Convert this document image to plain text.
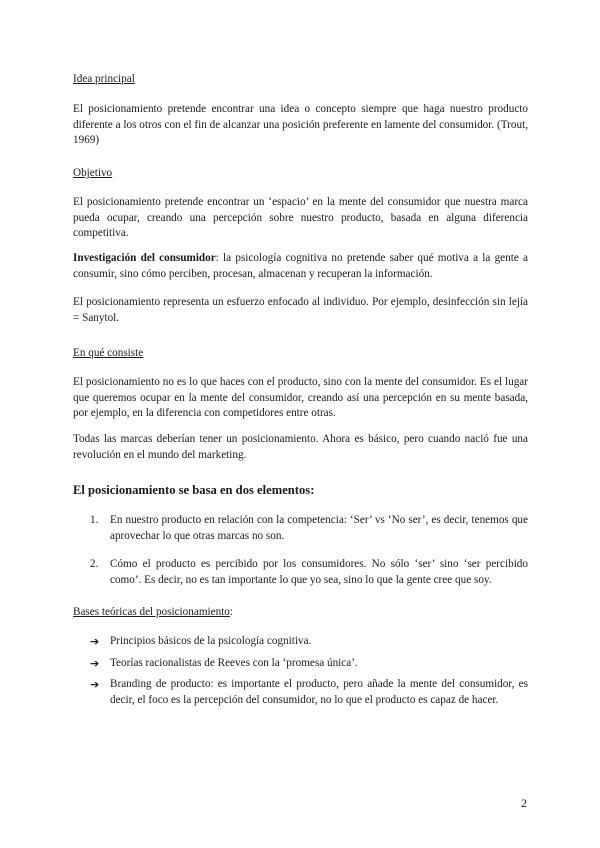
Idea principal

El posicionamiento pretende encontrar una idea o concepto siempre que haga nuestro producto diferente a los otros con el fin de alcanzar una posición preferente en lamente del consumidor. (Trout, 1969)

Objetivo

El posicionamiento pretende encontrar un ‘espacio’ en la mente del consumidor que nuestra marca pueda ocupar, creando una percepción sobre nuestro producto, basada en alguna diferencia competitiva.

Investigación del consumidor: la psicología cognitiva no pretende saber qué motiva a la gente a consumir, sino cómo perciben, procesan, almacenan y recuperan la información.

El posicionamiento representa un esfuerzo enfocado al individuo. Por ejemplo, desinfección sin lejía = Sanytol.

En qué consiste

El posicionamiento no es lo que haces con el producto, sino con la mente del consumidor. Es el lugar que queremos ocupar en la mente del consumidor, creando así una percepción en su mente basada, por ejemplo, en la diferencia con competidores entre otras.

Todas las marcas deberían tener un posicionamiento. Ahora es básico, pero cuando nació fue una revolución en el mundo del marketing.

El posicionamiento se basa en dos elementos:

1. En nuestro producto en relación con la competencia: ‘Ser’ vs ‘No ser’, es decir, tenemos que aprovechar lo que otras marcas no son.
2. Cómo el producto es percibido por los consumidores. No sólo ‘ser’ sino ‘ser percibido como’. Es decir, no es tan importante lo que yo sea, sino lo que la gente cree que soy.

Bases teóricas del posicionamiento:

➔ Principios básicos de la psicología cognitiva.
➔ Teorías racionalistas de Reeves con la ‘promesa única’.
➔ Branding de producto: es importante el producto, pero añade la mente del consumidor, es decir, el foco es la percepción del consumidor, no lo que el producto es capaz de hacer.
2
